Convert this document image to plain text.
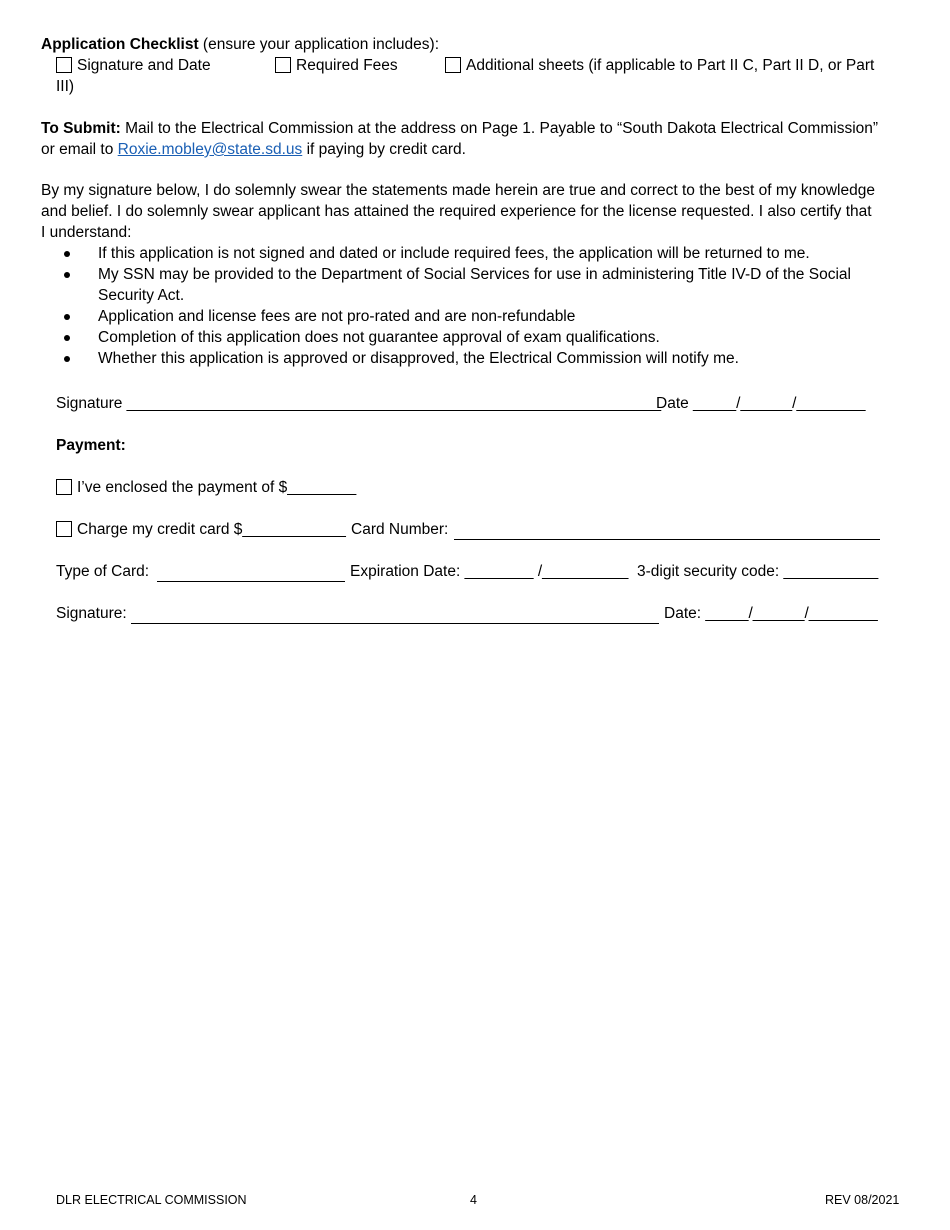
Application Checklist (ensure your application includes):
Signature and Date	Required Fees	Additional sheets (if applicable to Part II C, Part II D, or Part
III)
To Submit: Mail to the Electrical Commission at the address on Page 1. Payable to “South Dakota Electrical Commission”
or email to Roxie.mobley@state.sd.us if paying by credit card.
By my signature below, I do solemnly swear the statements made herein are true and correct to the best of my knowledge
and belief. I do solemnly swear applicant has attained the required experience for the license requested. I also certify that
I understand:
If this application is not signed and dated or include required fees, the application will be returned to me.
My SSN may be provided to the Department of Social Services for use in administering Title IV-D of the Social Security Act.
Application and license fees are not pro-rated and are non-refundable
Completion of this application does not guarantee approval of exam qualifications.
Whether this application is approved or disapproved, the Electrical Commission will notify me.
Signature ______________________________________________________________
Date _____/______/________
Payment:
I’ve enclosed the payment of $________
Charge my credit card $____________ Card Number:
Type of Card:	Expiration Date: ________ /__________ 3-digit security code: ___________
Signature:	Date: _____/______/________
DLR ELECTRICAL COMMISSION	4	REV 08/2021
